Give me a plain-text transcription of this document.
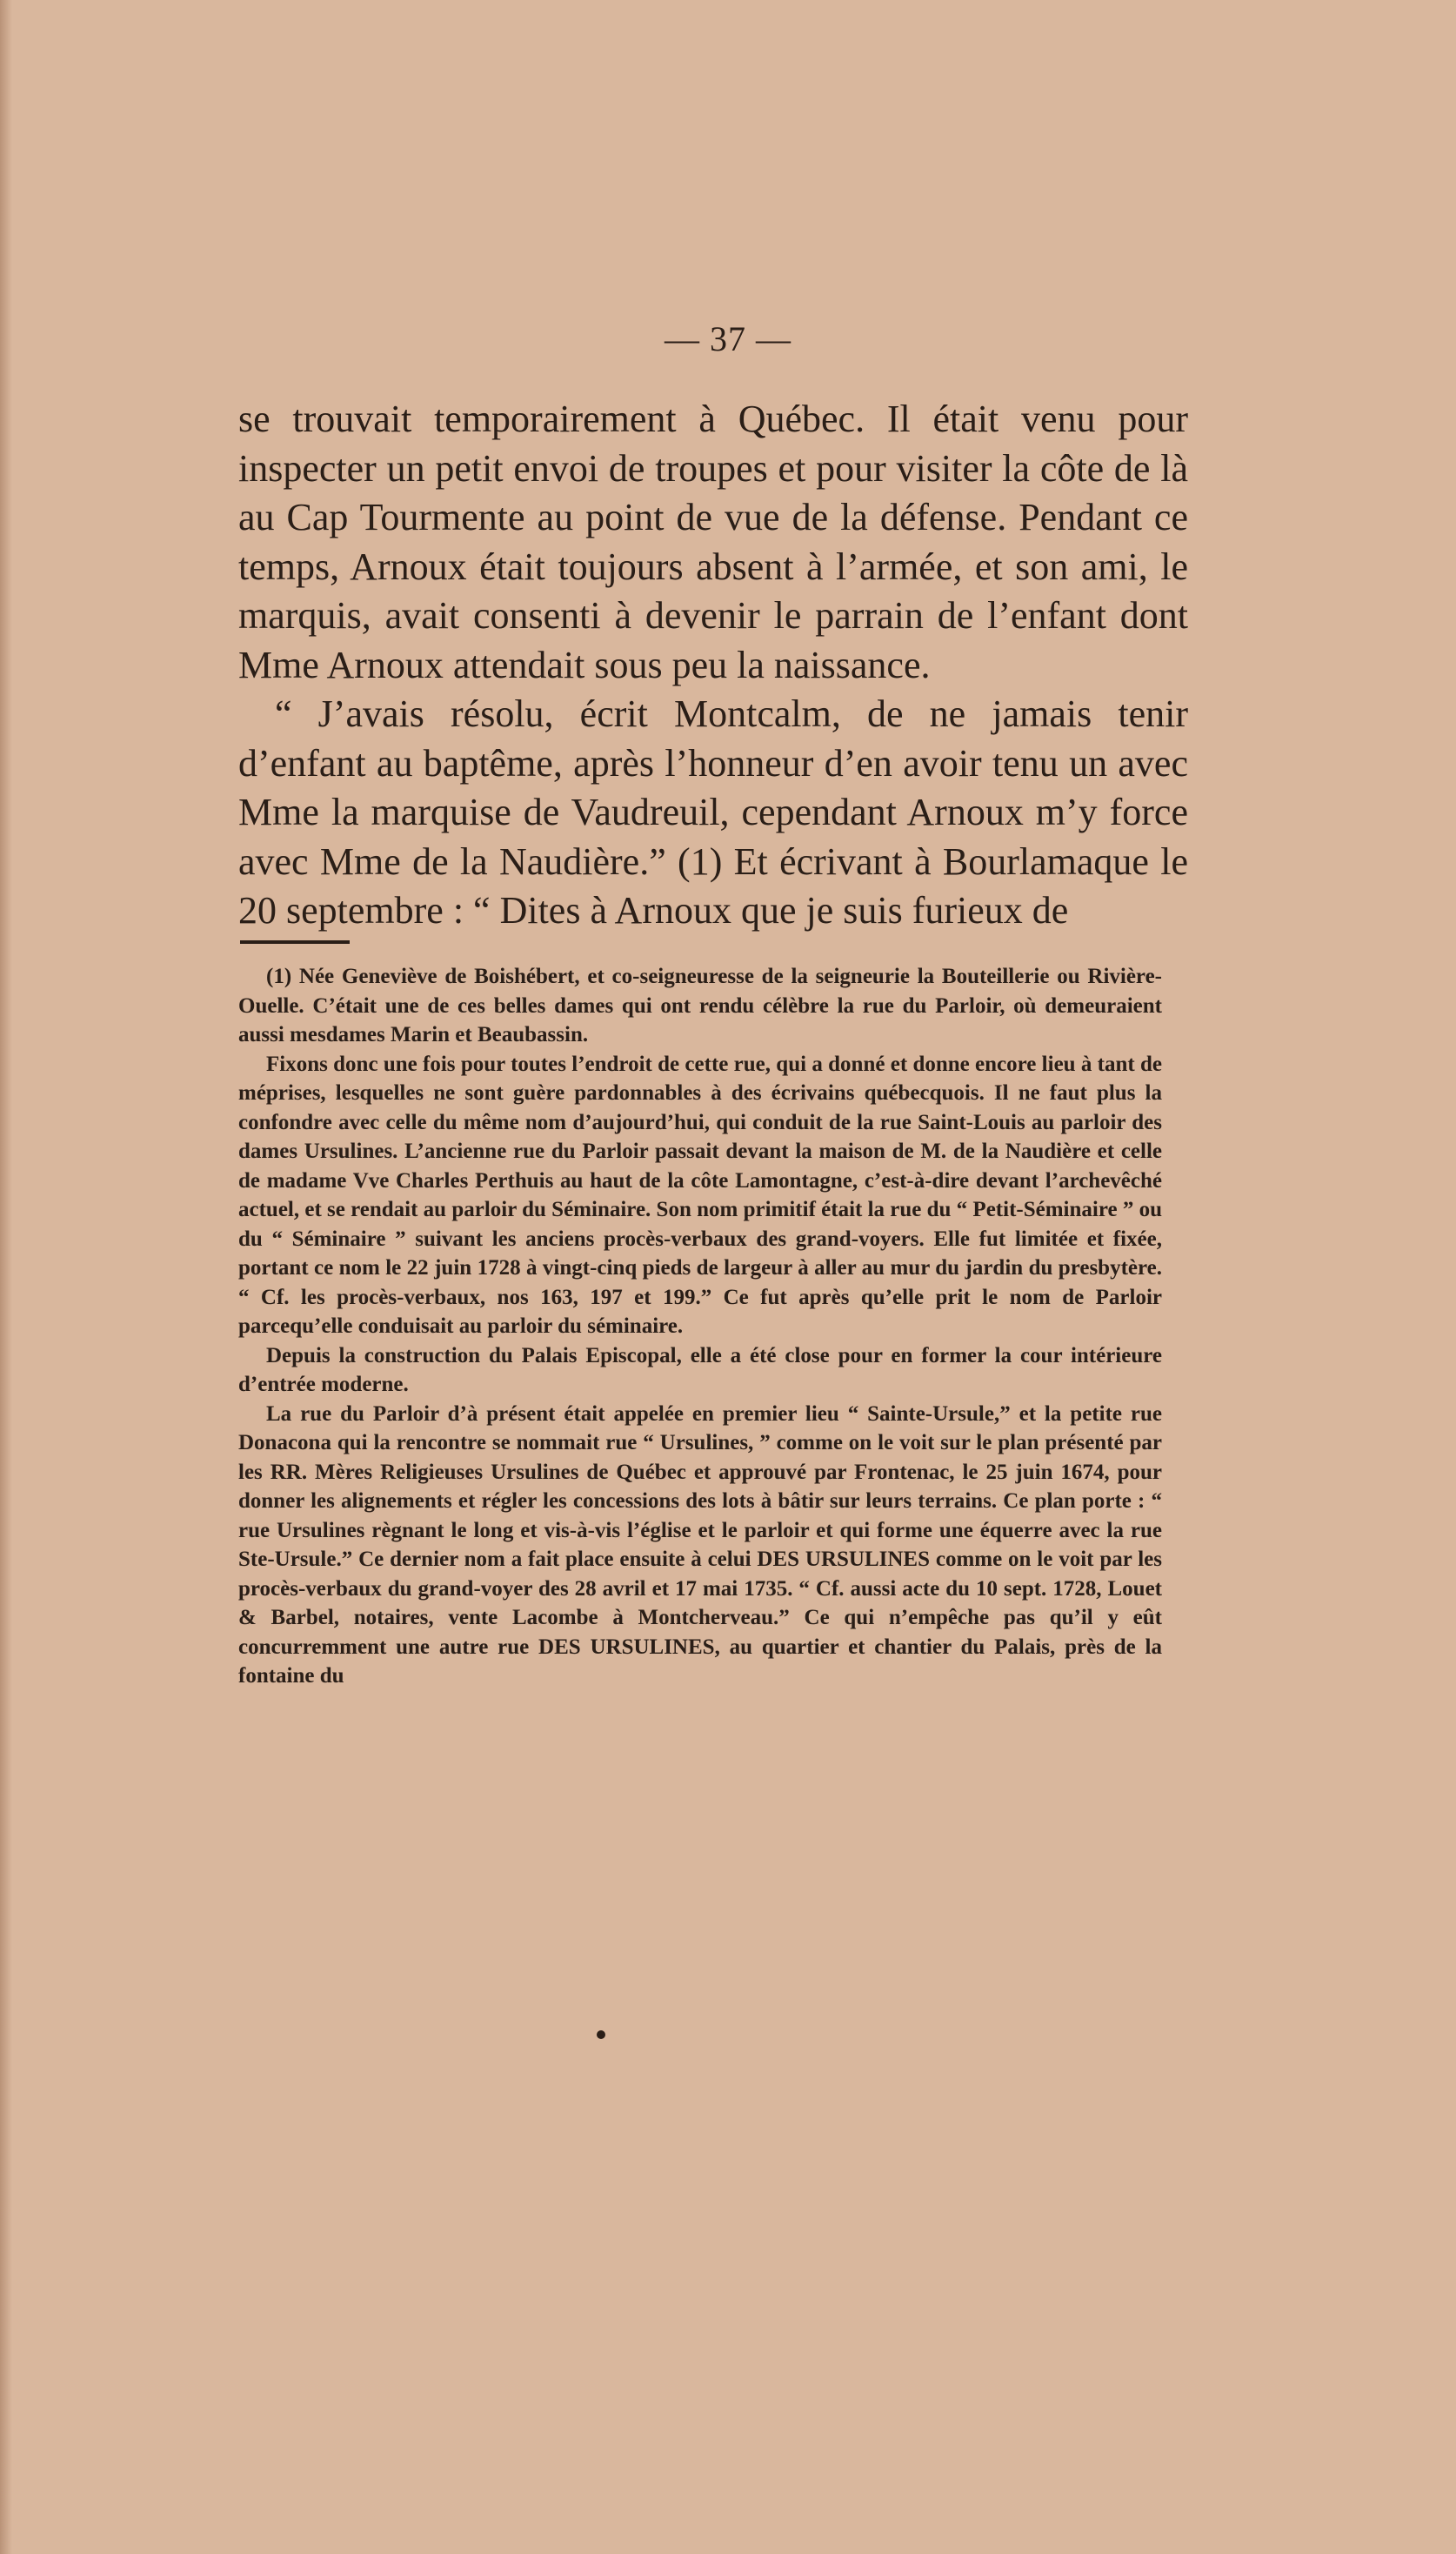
— 37 —

se trouvait temporairement à Québec. Il était venu pour inspecter un petit envoi de troupes et pour visiter la côte de là au Cap Tourmente au point de vue de la défense. Pendant ce temps, Arnoux était toujours absent à l’armée, et son ami, le marquis, avait consenti à devenir le parrain de l’enfant dont Mme Arnoux attendait sous peu la naissance.

“ J’avais résolu, écrit Montcalm, de ne jamais tenir d’enfant au baptême, après l’honneur d’en avoir tenu un avec Mme la marquise de Vaudreuil, cependant Arnoux m’y force avec Mme de la Naudière.” (1) Et écrivant à Bourlamaque le 20 septembre : “ Dites à Arnoux que je suis furieux de

(1) Née Geneviève de Boishébert, et co-seigneuresse de la seigneurie la Bouteillerie ou Rivière-Ouelle. C’était une de ces belles dames qui ont rendu célèbre la rue du Parloir, où demeuraient aussi mesdames Marin et Beaubassin.

Fixons donc une fois pour toutes l’endroit de cette rue, qui a donné et donne encore lieu à tant de méprises, lesquelles ne sont guère pardonnables à des écrivains québecquois. Il ne faut plus la confondre avec celle du même nom d’aujourd’hui, qui conduit de la rue Saint-Louis au parloir des dames Ursulines. L’ancienne rue du Parloir passait devant la maison de M. de la Naudière et celle de madame Vve Charles Perthuis au haut de la côte Lamontagne, c’est-à-dire devant l’archevêché actuel, et se rendait au parloir du Séminaire. Son nom primitif était la rue du “ Petit-Séminaire ” ou du “ Séminaire ” suivant les anciens procès-verbaux des grand-voyers. Elle fut limitée et fixée, portant ce nom le 22 juin 1728 à vingt-cinq pieds de largeur à aller au mur du jardin du presbytère. “ Cf. les procès-verbaux, nos 163, 197 et 199.” Ce fut après qu’elle prit le nom de Parloir parcequ’elle conduisait au parloir du séminaire.

Depuis la construction du Palais Episcopal, elle a été close pour en former la cour intérieure d’entrée moderne.

La rue du Parloir d’à présent était appelée en premier lieu “ Sainte-Ursule,” et la petite rue Donacona qui la rencontre se nommait rue “ Ursulines, ” comme on le voit sur le plan présenté par les RR. Mères Religieuses Ursulines de Québec et approuvé par Frontenac, le 25 juin 1674, pour donner les alignements et régler les concessions des lots à bâtir sur leurs terrains. Ce plan porte : “ rue Ursulines règnant le long et vis-à-vis l’église et le parloir et qui forme une équerre avec la rue Ste-Ursule.” Ce dernier nom a fait place ensuite à celui DES URSULINES comme on le voit par les procès-verbaux du grand-voyer des 28 avril et 17 mai 1735. “ Cf. aussi acte du 10 sept. 1728, Louet & Barbel, notaires, vente Lacombe à Montcherveau.” Ce qui n’empêche pas qu’il y eût concurremment une autre rue DES URSULINES, au quartier et chantier du Palais, près de la fontaine du
